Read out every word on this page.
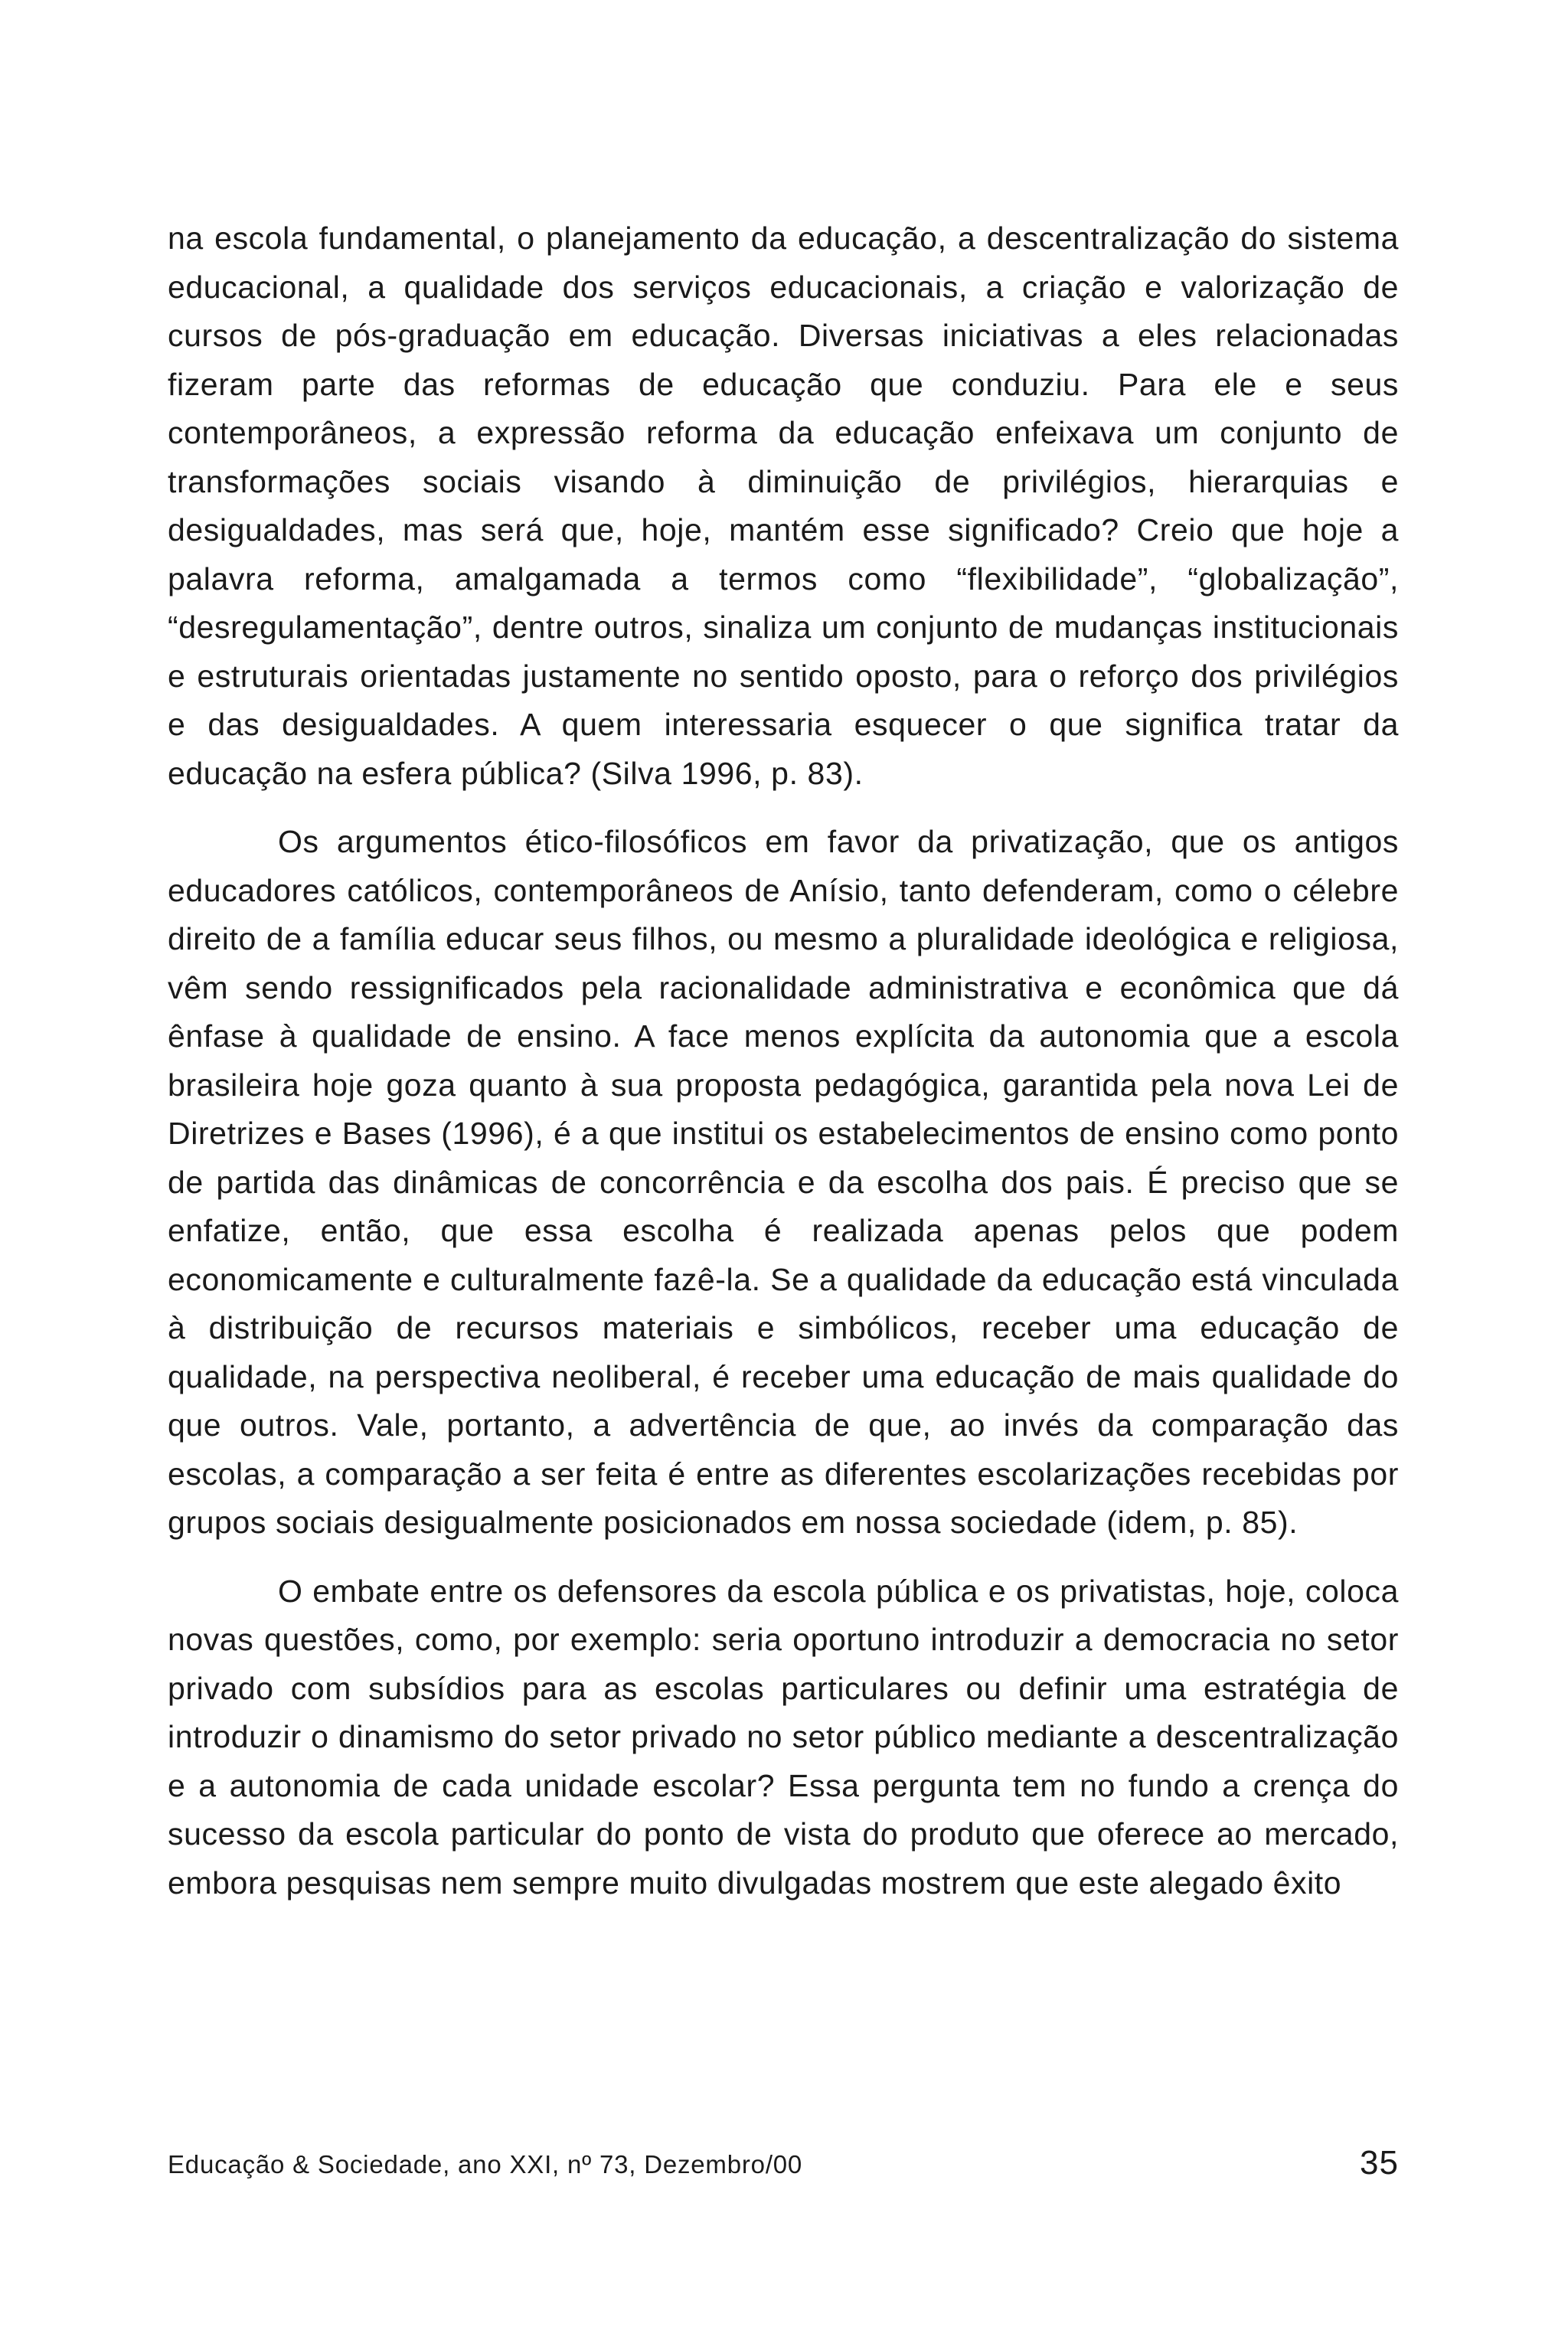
na escola fundamental, o planejamento da educação, a descentralização do sistema educacional, a qualidade dos serviços educacionais, a criação e valorização de cursos de pós-graduação em educação. Diversas iniciativas a eles relacionadas fizeram parte das reformas de educação que conduziu. Para ele e seus contemporâneos, a expressão reforma da educação enfeixava um conjunto de transformações sociais visando à diminuição de privilégios, hierarquias e desigualdades, mas será que, hoje, mantém esse significado? Creio que hoje a palavra reforma, amalgamada a termos como “flexibilidade”, “globalização”, “desregulamentação”, dentre outros, sinaliza um conjunto de mudanças institucionais e estruturais orientadas justamente no sentido oposto, para o reforço dos privilégios e das desigualdades. A quem interessaria esquecer o que significa tratar da educação na esfera pública? (Silva 1996, p. 83).

Os argumentos ético-filosóficos em favor da privatização, que os antigos educadores católicos, contemporâneos de Anísio, tanto defenderam, como o célebre direito de a família educar seus filhos, ou mesmo a pluralidade ideológica e religiosa, vêm sendo ressignificados pela racionalidade administrativa e econômica que dá ênfase à qualidade de ensino. A face menos explícita da autonomia que a escola brasileira hoje goza quanto à sua proposta pedagógica, garantida pela nova Lei de Diretrizes e Bases (1996), é a que institui os estabelecimentos de ensino como ponto de partida das dinâmicas de concorrência e da escolha dos pais. É preciso que se enfatize, então, que essa escolha é realizada apenas pelos que podem economicamente e culturalmente fazê-la. Se a qualidade da educação está vinculada à distribuição de recursos materiais e simbólicos, receber uma educação de qualidade, na perspectiva neoliberal, é receber uma educação de mais qualidade do que outros. Vale, portanto, a advertência de que, ao invés da comparação das escolas, a comparação a ser feita é entre as diferentes escolarizações recebidas por grupos sociais desigualmente posicionados em nossa sociedade (idem, p. 85).

O embate entre os defensores da escola pública e os privatistas, hoje, coloca novas questões, como, por exemplo: seria oportuno introduzir a democracia no setor privado com subsídios para as escolas particulares ou definir uma estratégia de introduzir o dinamismo do setor privado no setor público mediante a descentralização e a autonomia de cada unidade escolar? Essa pergunta tem no fundo a crença do sucesso da escola particular do ponto de vista do produto que oferece ao mercado, embora pesquisas nem sempre muito divulgadas mostrem que este alegado êxito

Educação & Sociedade, ano XXI, nº 73, Dezembro/00	35
